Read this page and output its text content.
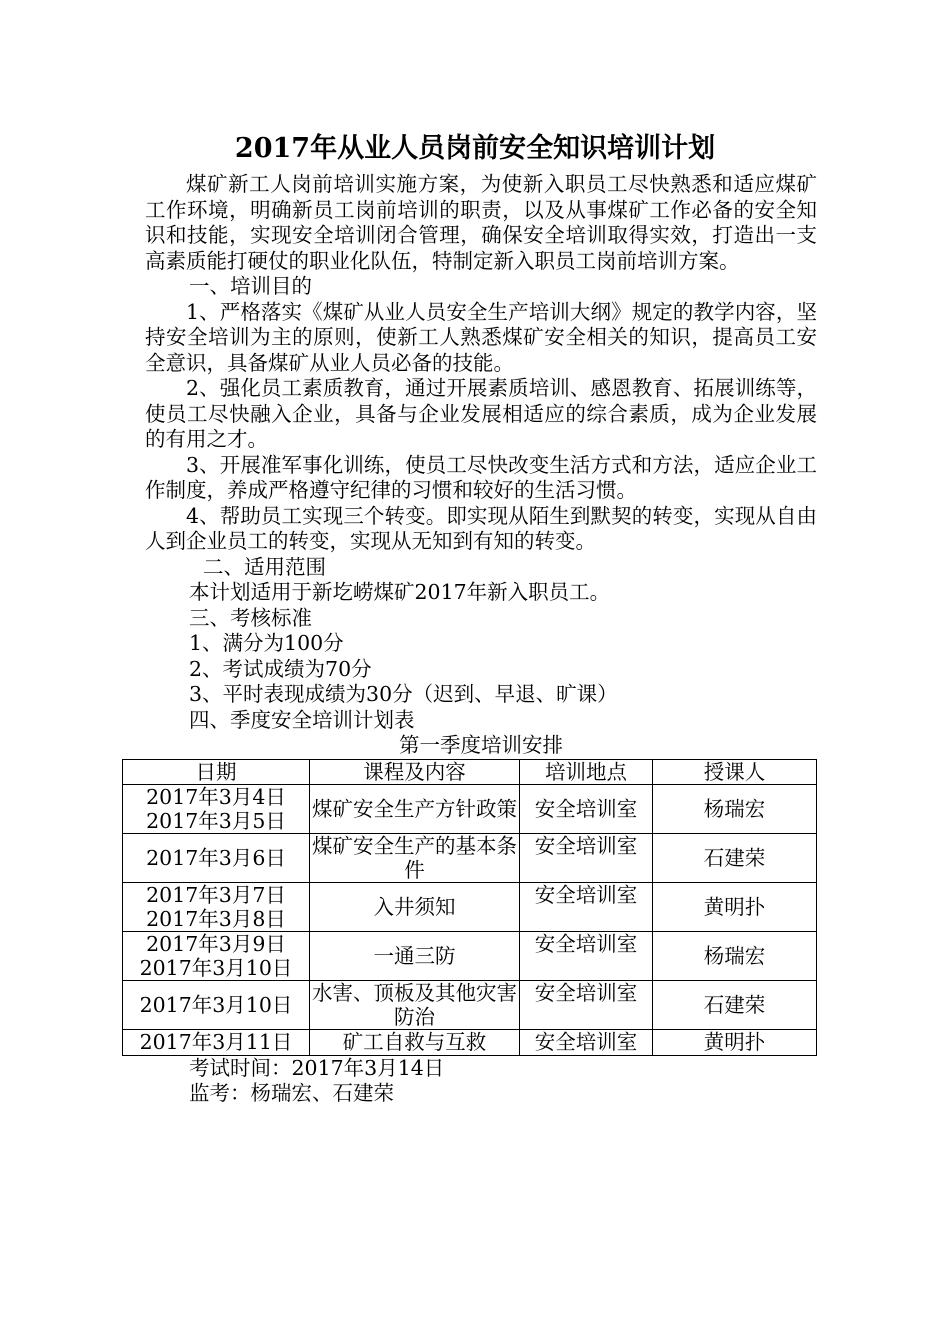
2017年从业人员岗前安全知识培训计划

煤矿新工人岗前培训实施方案，为使新入职员工尽快熟悉和适应煤矿工作环境，明确新员工岗前培训的职责，以及从事煤矿工作必备的安全知识和技能，实现安全培训闭合管理，确保安全培训取得实效，打造出一支高素质能打硬仗的职业化队伍，特制定新入职员工岗前培训方案。

一、培训目的

1、严格落实《煤矿从业人员安全生产培训大纲》规定的教学内容，坚持安全培训为主的原则，使新工人熟悉煤矿安全相关的知识，提高员工安全意识，具备煤矿从业人员必备的技能。

2、强化员工素质教育，通过开展素质培训、感恩教育、拓展训练等，使员工尽快融入企业，具备与企业发展相适应的综合素质，成为企业发展的有用之才。

3、开展准军事化训练，使员工尽快改变生活方式和方法，适应企业工作制度，养成严格遵守纪律的习惯和较好的生活习惯。

4、帮助员工实现三个转变。即实现从陌生到默契的转变，实现从自由人到企业员工的转变，实现从无知到有知的转变。

二、适用范围

本计划适用于新圪崂煤矿2017年新入职员工。

三、考核标准

1、满分为100分

2、考试成绩为70分

3、平时表现成绩为30分（迟到、早退、旷课）

四、季度安全培训计划表

第一季度培训安排

日期	课程及内容	培训地点	授课人
2017年3月4日
2017年3月5日	煤矿安全生产方针政策	安全培训室	杨瑞宏
2017年3月6日	煤矿安全生产的基本条件	安全培训室	石建荣
2017年3月7日
2017年3月8日	入井须知	安全培训室	黄明扑
2017年3月9日
2017年3月10日	一通三防	安全培训室	杨瑞宏
2017年3月10日	水害、顶板及其他灾害防治	安全培训室	石建荣
2017年3月11日	矿工自救与互救	安全培训室	黄明扑

考试时间：2017年3月14日

监考：杨瑞宏、石建荣
